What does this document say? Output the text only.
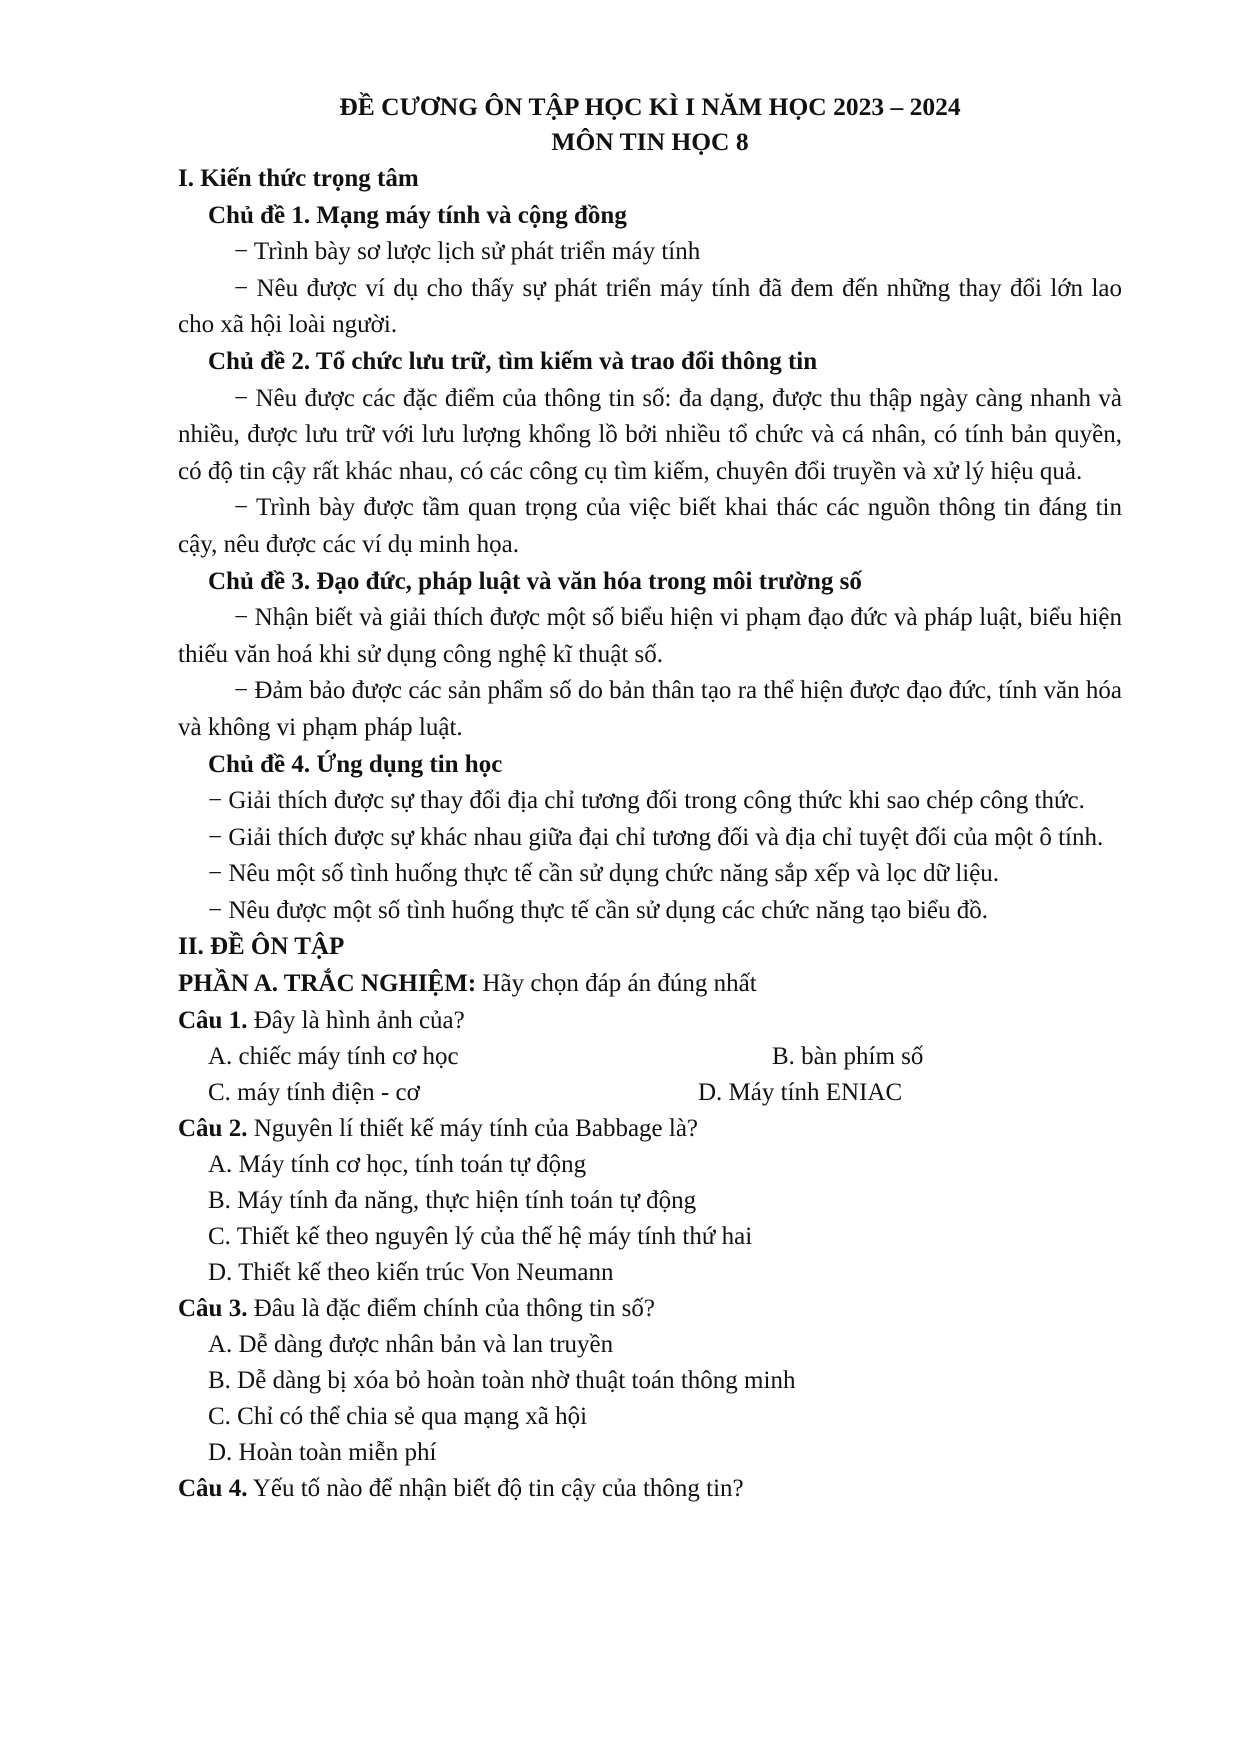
ĐỀ CƯƠNG ÔN TẬP HỌC KÌ I NĂM HỌC 2023 – 2024
MÔN TIN HỌC 8
I. Kiến thức trọng tâm
Chủ đề 1. Mạng máy tính và cộng đồng

− Trình bày sơ lược lịch sử phát triển máy tính

− Nêu được ví dụ cho thấy sự phát triển máy tính đã đem đến những thay đổi lớn lao cho xã hội loài người.

Chủ đề 2. Tổ chức lưu trữ, tìm kiếm và trao đổi thông tin

− Nêu được các đặc điểm của thông tin số: đa dạng, được thu thập ngày càng nhanh và nhiều, được lưu trữ với lưu lượng khổng lồ bởi nhiều tổ chức và cá nhân, có tính bản quyền, có độ tin cậy rất khác nhau, có các công cụ tìm kiếm, chuyên đổi truyền và xử lý hiệu quả.

− Trình bày được tầm quan trọng của việc biết khai thác các nguồn thông tin đáng tin cậy, nêu được các ví dụ minh họa.

Chủ đề 3. Đạo đức, pháp luật và văn hóa trong môi trường số

− Nhận biết và giải thích được một số biểu hiện vi phạm đạo đức và pháp luật, biểu hiện thiếu văn hoá khi sử dụng công nghệ kĩ thuật số.

− Đảm bảo được các sản phẩm số do bản thân tạo ra thể hiện được đạo đức, tính văn hóa và không vi phạm pháp luật.

Chủ đề 4. Ứng dụng tin học

− Giải thích được sự thay đổi địa chỉ tương đối trong công thức khi sao chép công thức.

− Giải thích được sự khác nhau giữa đại chỉ tương đối và địa chỉ tuyệt đối của một ô tính.

− Nêu một số tình huống thực tế cần sử dụng chức năng sắp xếp và lọc dữ liệu.

− Nêu được một số tình huống thực tế cần sử dụng các chức năng tạo biểu đồ.

II. ĐỀ ÔN TẬP
PHẦN A. TRẮC NGHIỆM: Hãy chọn đáp án đúng nhất
Câu 1. Đây là hình ảnh của?
A. chiếc máy tính cơ học	B. bàn phím số
C. máy tính điện - cơ	D. Máy tính ENIAC
Câu 2. Nguyên lí thiết kế máy tính của Babbage là?
A. Máy tính cơ học, tính toán tự động
B. Máy tính đa năng, thực hiện tính toán tự động
C. Thiết kế theo nguyên lý của thế hệ máy tính thứ hai
D. Thiết kế theo kiến trúc Von Neumann
Câu 3. Đâu là đặc điểm chính của thông tin số?
A. Dễ dàng được nhân bản và lan truyền
B. Dễ dàng bị xóa bỏ hoàn toàn nhờ thuật toán thông minh
C. Chỉ có thể chia sẻ qua mạng xã hội
D. Hoàn toàn miễn phí
Câu 4. Yếu tố nào để nhận biết độ tin cậy của thông tin?
